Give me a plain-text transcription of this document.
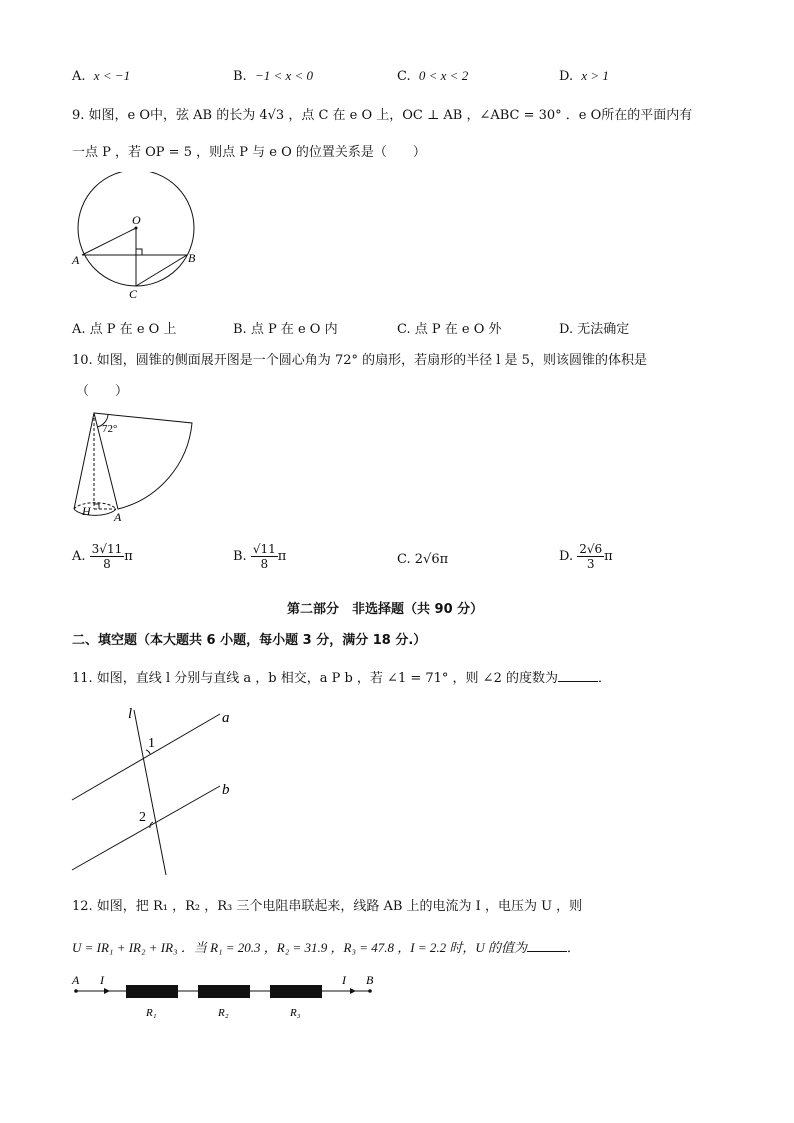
A. x < −1	B. −1 < x < 0	C. 0 < x < 2	D. x > 1
9. 如图，e O中，弦 AB 的长为 4√3 ，点 C 在 e O 上，OC ⊥ AB ，∠ABC = 30° ．e O所在的平面内有
一点 P ，若 OP = 5 ，则点 P 与 e O 的位置关系是（　　）
O
A	B
C
A. 点 P 在 e O 上	B. 点 P 在 e O 内	C. 点 P 在 e O 外	D. 无法确定
10. 如图，圆锥的侧面展开图是一个圆心角为 72° 的扇形，若扇形的半径 l 是 5，则该圆锥的体积是
（　　）
72°
H A
A. $\frac{3√11}{8}$ π	B. $\frac{√11}{8}$ π	C. 2√6π	D. $\frac{2√6}{3}$ π
第二部分　非选择题（共 90 分）
二、填空题（本大题共 6 小题，每小题 3 分，满分 18 分.）
11. 如图，直线 l 分别与直线 a ，b 相交，a P b ，若 ∠1 = 71° ，则 ∠2 的度数为	．
l	a
b
1
2
12. 如图，把 R₁ ，R₂ ，R₃ 三个电阻串联起来，线路 AB 上的电流为 I ，电压为 U ，则
U = IR₁ + IR₂ + IR₃ ．当 R₁ = 20.3 ，R₂ = 31.9 ，R₃ = 47.8 ，I = 2.2 时，U 的值为	．
A	B
I	I
R₁	R₂	R₃
